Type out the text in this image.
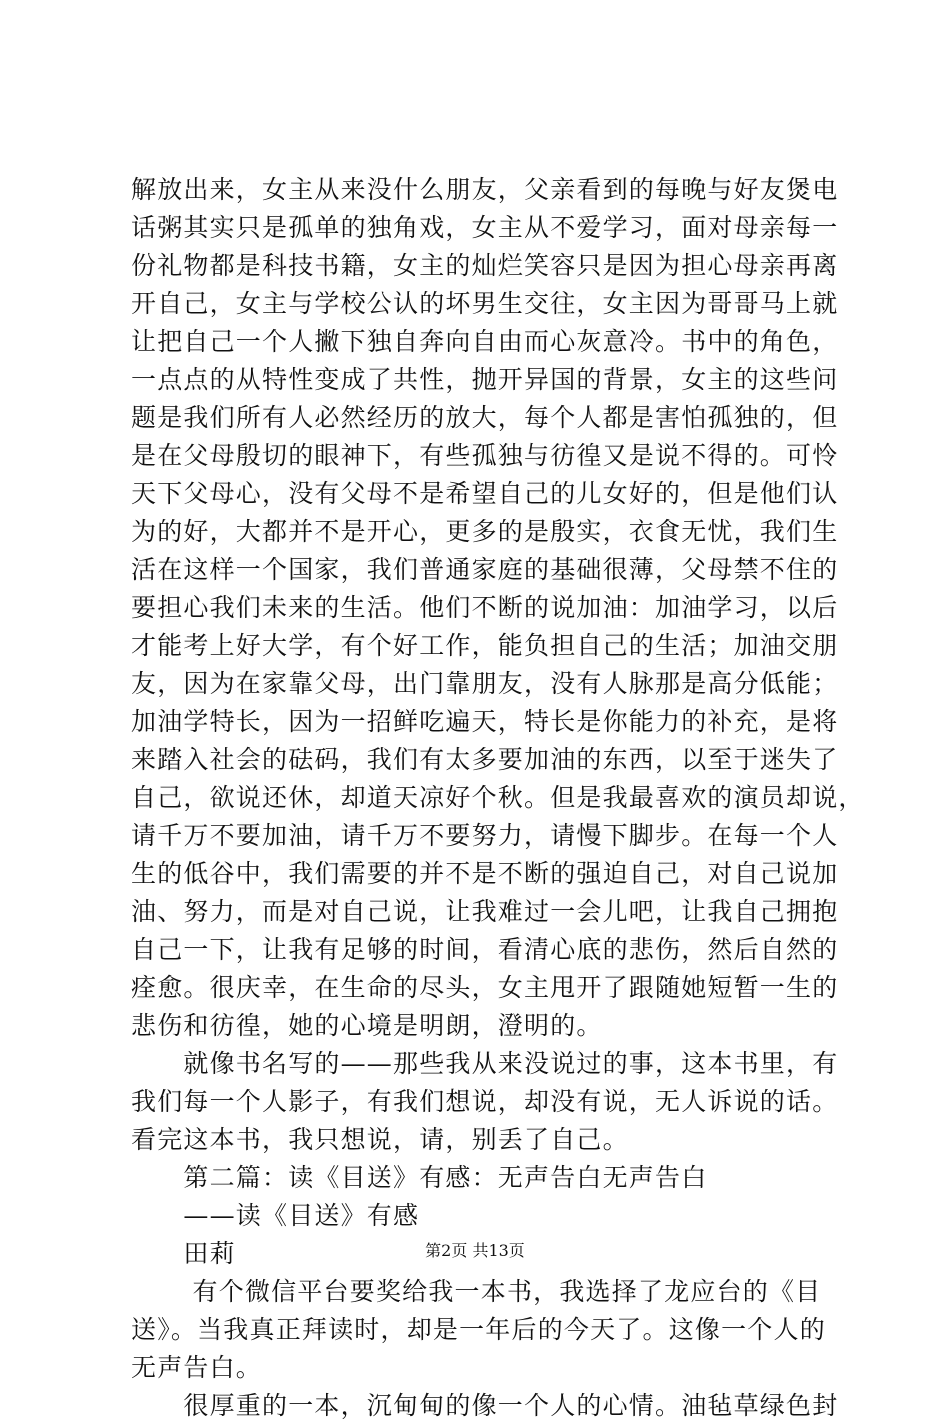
解放出来，女主从来没什么朋友，父亲看到的每晚与好友煲电
话粥其实只是孤单的独角戏，女主从不爱学习，面对母亲每一
份礼物都是科技书籍，女主的灿烂笑容只是因为担心母亲再离
开自己，女主与学校公认的坏男生交往，女主因为哥哥马上就
让把自己一个人撇下独自奔向自由而心灰意冷。书中的角色，
一点点的从特性变成了共性，抛开异国的背景，女主的这些问
题是我们所有人必然经历的放大，每个人都是害怕孤独的，但
是在父母殷切的眼神下，有些孤独与彷徨又是说不得的。可怜
天下父母心，没有父母不是希望自己的儿女好的，但是他们认
为的好，大都并不是开心，更多的是殷实，衣食无忧，我们生
活在这样一个国家，我们普通家庭的基础很薄，父母禁不住的
要担心我们未来的生活。他们不断的说加油：加油学习，以后
才能考上好大学，有个好工作，能负担自己的生活；加油交朋
友，因为在家靠父母，出门靠朋友，没有人脉那是高分低能；
加油学特长，因为一招鲜吃遍天，特长是你能力的补充，是将
来踏入社会的砝码，我们有太多要加油的东西，以至于迷失了
自己，欲说还休，却道天凉好个秋。但是我最喜欢的演员却说，
请千万不要加油，请千万不要努力，请慢下脚步。在每一个人
生的低谷中，我们需要的并不是不断的强迫自己，对自己说加
油、努力，而是对自己说，让我难过一会儿吧，让我自己拥抱
自己一下，让我有足够的时间，看清心底的悲伤，然后自然的
痊愈。很庆幸，在生命的尽头，女主甩开了跟随她短暂一生的
悲伤和彷徨，她的心境是明朗，澄明的。
　　就像书名写的——那些我从来没说过的事，这本书里，有
我们每一个人影子，有我们想说，却没有说，无人诉说的话。
看完这本书，我只想说，请，别丢了自己。
　　第二篇：读《目送》有感：无声告白无声告白
　　——读《目送》有感
　　田莉
　　 有个微信平台要奖给我一本书，我选择了龙应台的《目
送》。当我真正拜读时，却是一年后的今天了。这像一个人的
无声告白。
　　很厚重的一本，沉甸甸的像一个人的心情。油毡草绿色封
第2页 共13页
